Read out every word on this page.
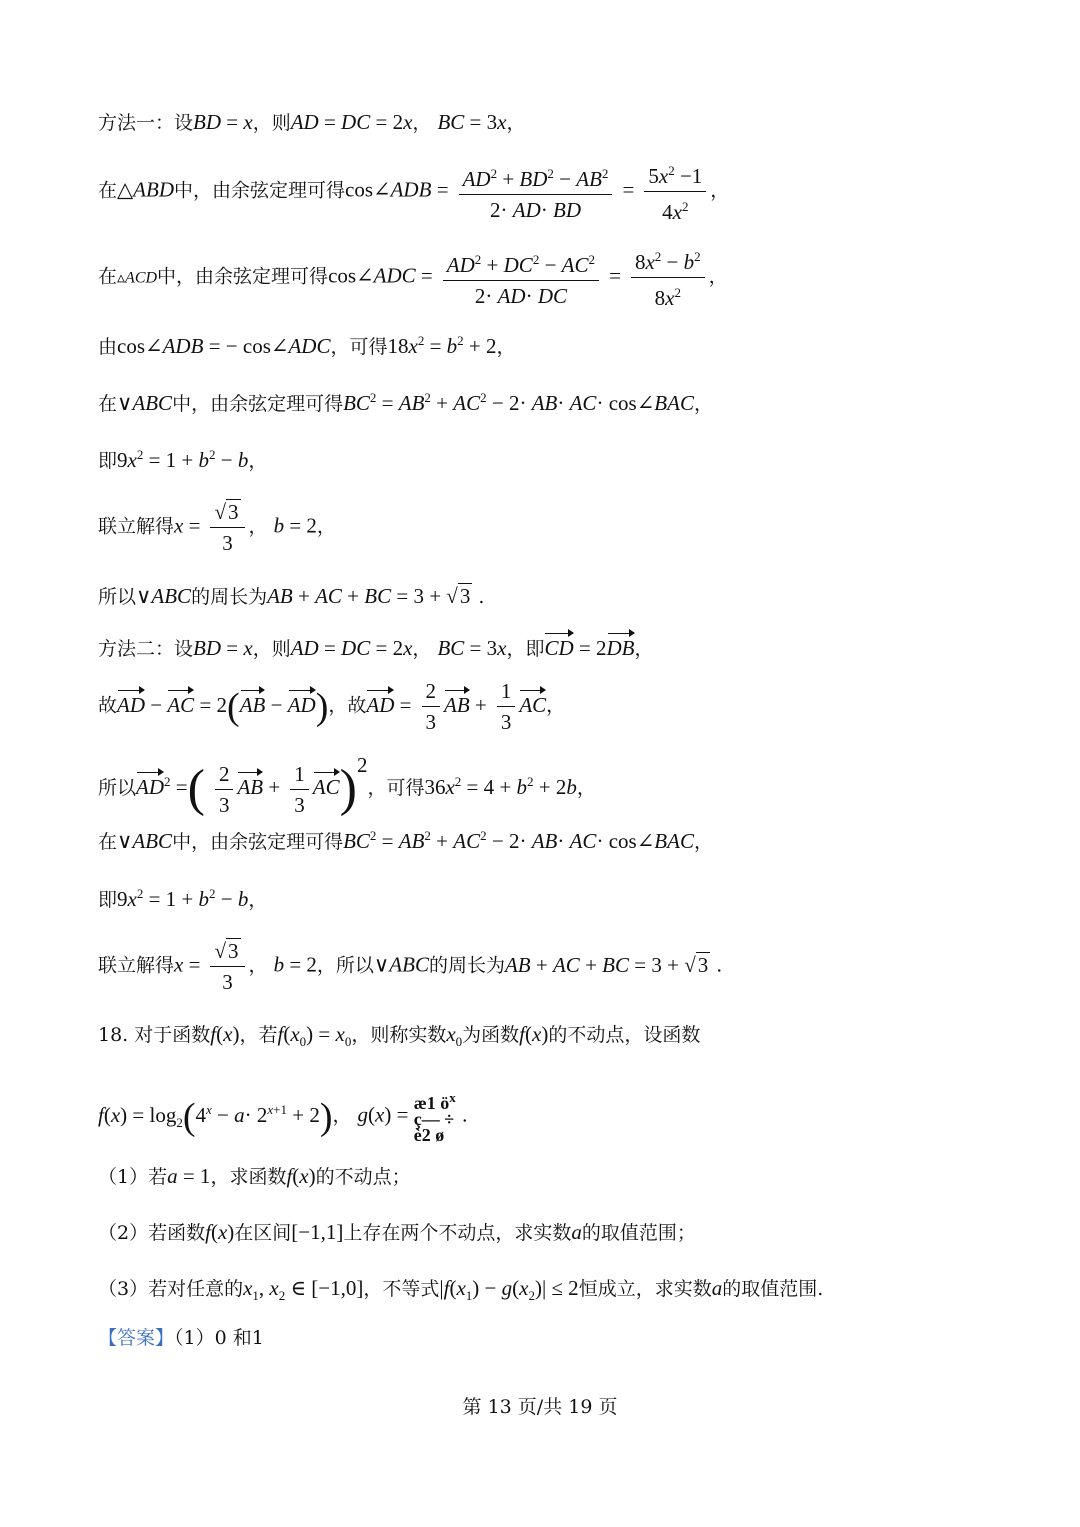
方法一：设BD = x，则AD = DC = 2x， BC = 3x，
在△ABD中，由余弦定理可得cos∠ADB = $\frac{AD^2 + BD^2 - AB^2}{2\cdot AD\cdot BD} = \frac{5x^2 -1}{4x^2}$ ，
在▵ACD中，由余弦定理可得cos∠ADC = $\frac{AD^2 + DC^2 - AC^2}{2\cdot AD\cdot DC} = \frac{8x^2 - b^2}{8x^2}$ ，
由cos∠ADB = − cos∠ADC，可得$18x^2 = b^2 + 2$，
在∨ABC中，由余弦定理可得$BC^2 = AB^2 + AC^2 - 2\cdot AB\cdot AC\cdot$ cos∠BAC，
即$9x^2 = 1 + b^2 - b$，
联立解得$x = \frac{√3}{3}$ ， b = 2，
所以∨ABC的周长为AB + AC + BC = 3 + √3 .
方法二：设BD = x，则AD = DC = 2x， BC = 3x，即CD = 2DB，
故AD − AC = 2(AB − AD)，故AD = $\frac{2}{3}$ AB + $\frac{1}{3}$ AC，
所以$AD^2$ =( $\frac{2}{3}$ AB + $\frac{1}{3} AC)^2$，可得$36x^2 = 4 + b^2 + 2b$，
在∨ABC中，由余弦定理可得$BC^2 = AB^2 + AC^2 - 2\cdot AB\cdot AC\cdot$ cos∠BAC，
即$9x^2 = 1 + b^2 - b$，
联立解得$x = \frac{√3}{3}$ ， b = 2，所以∨ABC的周长为AB + AC + BC = 3 + √3 .
18. 对于函数f(x)，若$f(x_0) = x_0$，则称实数$x_0$为函数f(x)的不动点，设函数
$f(x) = \log_2(4^x - a\cdot 2^{x+1} + 2)$， g(x) = æ1 $ö^x$
ç— ÷
è2 ø .
（1）若a = 1，求函数f(x)的不动点；
（2）若函数f(x)在区间[−1,1]上存在两个不动点，求实数a的取值范围；
（3）若对任意的$x_1$, $x_2$ ∈ [−1,0]，不等式$|f(x_1) - g(x_2)| \le 2$恒成立，求实数a的取值范围.
【答案】（1）0 和1
第 13 页/共 19 页
